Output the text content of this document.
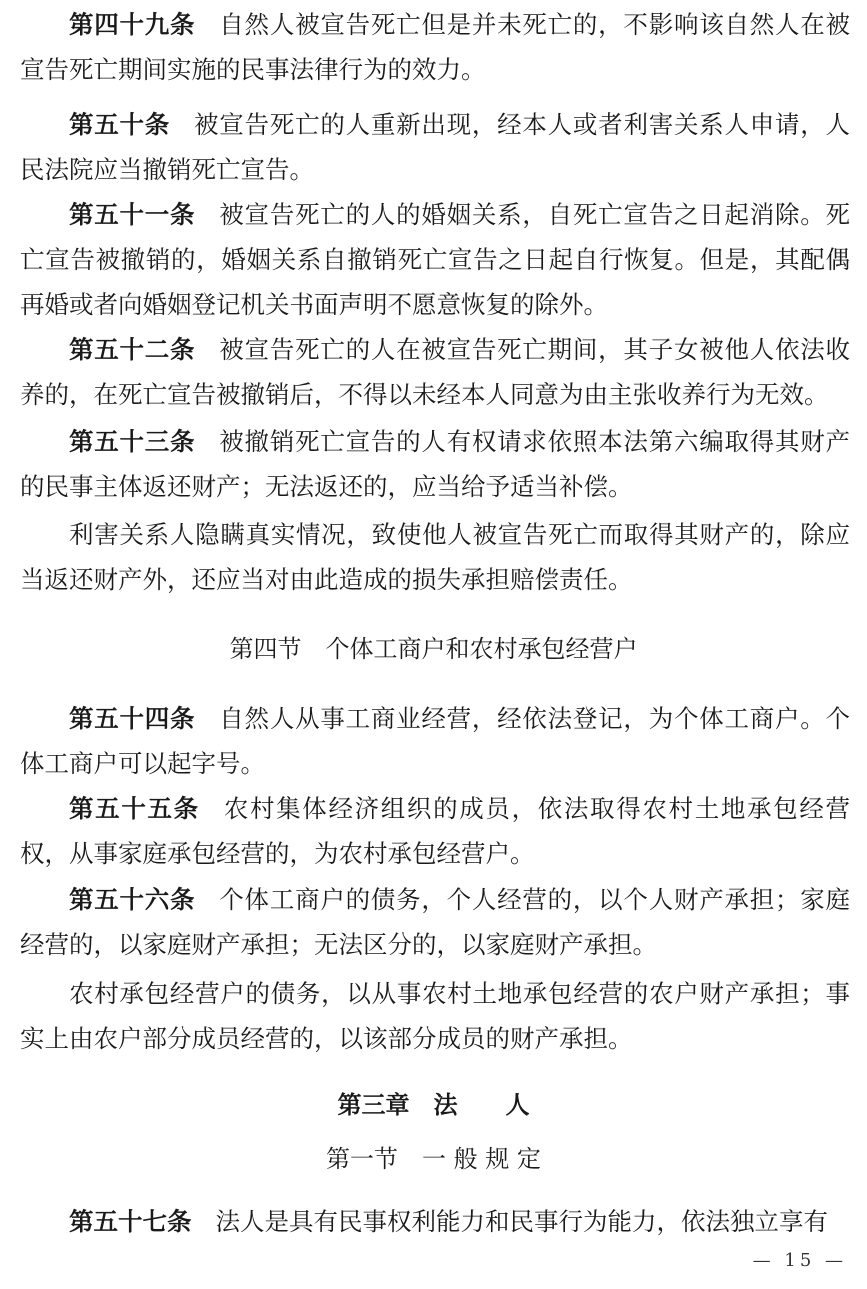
第四十九条 自然人被宣告死亡但是并未死亡的，不影响该自然人在被宣告死亡期间实施的民事法律行为的效力。

第五十条 被宣告死亡的人重新出现，经本人或者利害关系人申请，人民法院应当撤销死亡宣告。

第五十一条 被宣告死亡的人的婚姻关系，自死亡宣告之日起消除。死亡宣告被撤销的，婚姻关系自撤销死亡宣告之日起自行恢复。但是，其配偶再婚或者向婚姻登记机关书面声明不愿意恢复的除外。

第五十二条 被宣告死亡的人在被宣告死亡期间，其子女被他人依法收养的，在死亡宣告被撤销后，不得以未经本人同意为由主张收养行为无效。

第五十三条 被撤销死亡宣告的人有权请求依照本法第六编取得其财产的民事主体返还财产；无法返还的，应当给予适当补偿。

利害关系人隐瞒真实情况，致使他人被宣告死亡而取得其财产的，除应当返还财产外，还应当对由此造成的损失承担赔偿责任。

第四节　个体工商户和农村承包经营户

第五十四条 自然人从事工商业经营，经依法登记，为个体工商户。个体工商户可以起字号。

第五十五条 农村集体经济组织的成员，依法取得农村土地承包经营权，从事家庭承包经营的，为农村承包经营户。

第五十六条 个体工商户的债务，个人经营的，以个人财产承担；家庭经营的，以家庭财产承担；无法区分的，以家庭财产承担。

农村承包经营户的债务，以从事农村土地承包经营的农户财产承担；事实上由农户部分成员经营的，以该部分成员的财产承担。

第三章　法　　人
第一节　一 般 规 定

第五十七条 法人是具有民事权利能力和民事行为能力，依法独立享有

— 15 —
